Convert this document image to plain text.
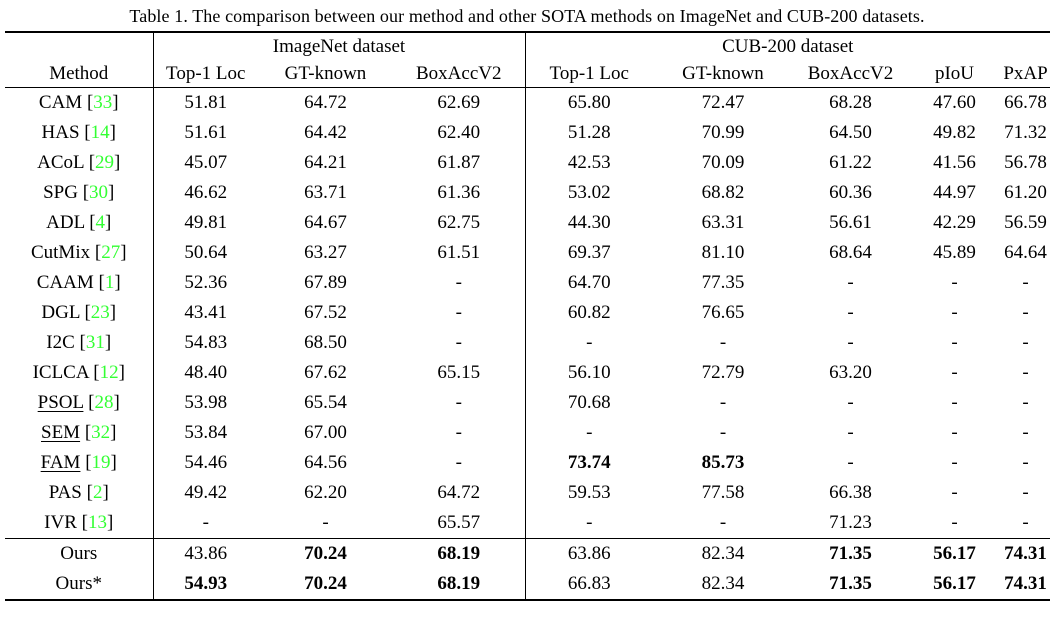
Table 1. The comparison between our method and other SOTA methods on ImageNet and CUB-200 datasets.
	ImageNet dataset			CUB-200 dataset				
Method	Top-1 Loc	GT-known	BoxAccV2	Top-1 Loc	GT-known	BoxAccV2	pIoU	PxAP
CAM [33]	51.81	64.72	62.69	65.80	72.47	68.28	47.60	66.78
HAS [14]	51.61	64.42	62.40	51.28	70.99	64.50	49.82	71.32
ACoL [29]	45.07	64.21	61.87	42.53	70.09	61.22	41.56	56.78
SPG [30]	46.62	63.71	61.36	53.02	68.82	60.36	44.97	61.20
ADL [4]	49.81	64.67	62.75	44.30	63.31	56.61	42.29	56.59
CutMix [27]	50.64	63.27	61.51	69.37	81.10	68.64	45.89	64.64
CAAM [1]	52.36	67.89	-	64.70	77.35	-	-	-
DGL [23]	43.41	67.52	-	60.82	76.65	-	-	-
I2C [31]	54.83	68.50	-	-	-	-	-	-
ICLCA [12]	48.40	67.62	65.15	56.10	72.79	63.20	-	-
PSOL [28]	53.98	65.54	-	70.68	-	-	-	-
SEM [32]	53.84	67.00	-	-	-	-	-	-
FAM [19]	54.46	64.56	-	73.74	85.73	-	-	-
PAS [2]	49.42	62.20	64.72	59.53	77.58	66.38	-	-
IVR [13]	-	-	65.57	-	-	71.23	-	-
Ours	43.86	70.24	68.19	63.86	82.34	71.35	56.17	74.31
Ours*	54.93	70.24	68.19	66.83	82.34	71.35	56.17	74.31
